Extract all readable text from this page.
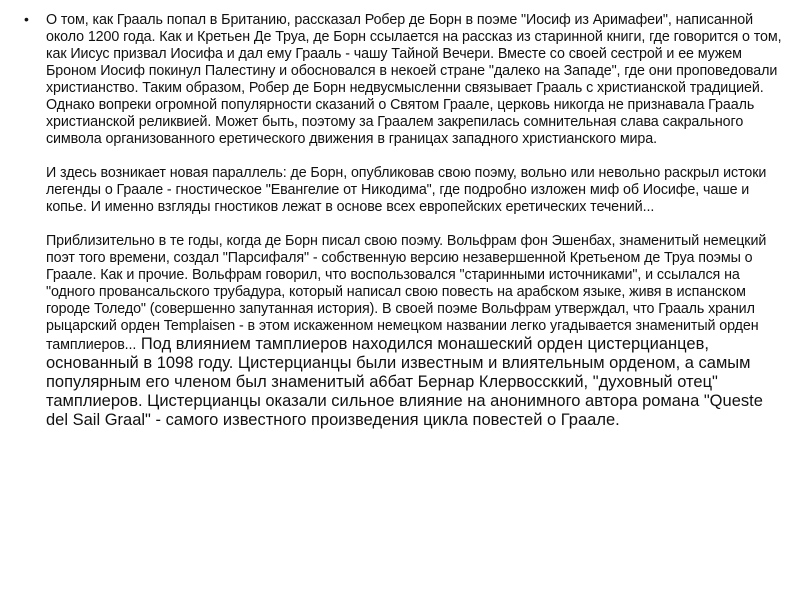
• О том, как Грааль попал в Британию, рассказал Робер де Борн в поэме "Иосиф из Аримафеи", написанной около 1200 года. Как и Кретьен Де Труа, де Борн ссылается на рассказ из старинной книги, где говорится о том, как Иисус призвал Иосифа и дал ему Грааль - чашу Тайной Вечери. Вместе со своей сестрой и ее мужем Броном Иосиф покинул Палестину и обосновался в некоей стране "далеко на Западе", где они проповедовали христианство. Таким образом, Робер де Борн недвусмысленни связывает Грааль с христианской традицией. Однако вопреки огромной популярности сказаний о Святом Граале, церковь никогда не признавала Грааль христианской реликвией. Может быть, поэтому за Граалем закрепилась сомнительная слава сакрального символа организованного еретического движения в границах западного христианского мира.

И здесь возникает новая параллель: де Борн, опубликовав свою поэму, вольно или невольно раскрыл истоки легенды о Граале - гностическое "Евангелие от Никодима", где подробно изложен миф об Иосифе, чаше и копье. И именно взгляды гностиков лежат в основе всех европейских еретических течений...

Приблизительно в те годы, когда де Борн писал свою поэму. Вольфрам фон Эшенбах, знаменитый немецкий поэт того времени, создал "Парсифаля" - собственную версию незавершенной Кретьеном де Труа поэмы о Граале. Как и прочие. Вольфрам говорил, что воспользовался "старинными источниками", и ссылался на "одного провансальского трубадура, который написал свою повесть на арабском языке, живя в испанском городе Толедо" (совершенно запутанная история). В своей поэме Вольфрам утверждал, что Грааль хранил рыцарский орден Templaisen - в этом искаженном немецком названии легко угадывается знаменитый орден тамплиеров... Под влиянием тамплиеров находился монашеский орден цистерцианцев, основанный в 1098 году. Цистерцианцы были известным и влиятельным орденом, а самым популярным его членом был знаменитый а6бат Бернар Клервоссккий, "духовный отец" тамплиеров. Цистерцианцы оказали сильное влияние на анонимного автора романа "Queste del Sail Graal" - самого известного произведения цикла повестей о Граале.
